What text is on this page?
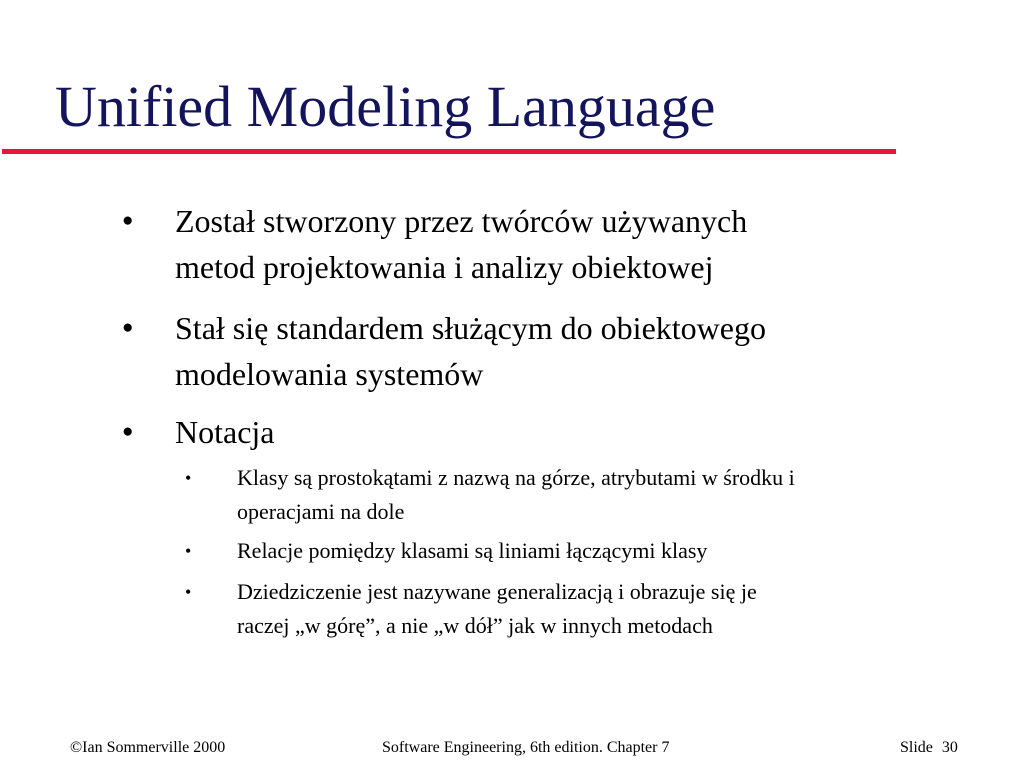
Unified Modeling Language
● Został stworzony przez twórców używanych
metod projektowania i analizy obiektowej
● Stał się standardem służącym do obiektowego
modelowania systemów
● Notacja
• Klasy są prostokątami z nazwą na górze, atrybutami w środku i
operacjami na dole
• Relacje pomiędzy klasami są liniami łączącymi klasy
• Dziedziczenie jest nazywane generalizacją i obrazuje się je
raczej „w górę”, a nie „w dół” jak w innych metodach
©Ian Sommerville 2000	Software Engineering, 6th edition. Chapter 7	Slide 30
